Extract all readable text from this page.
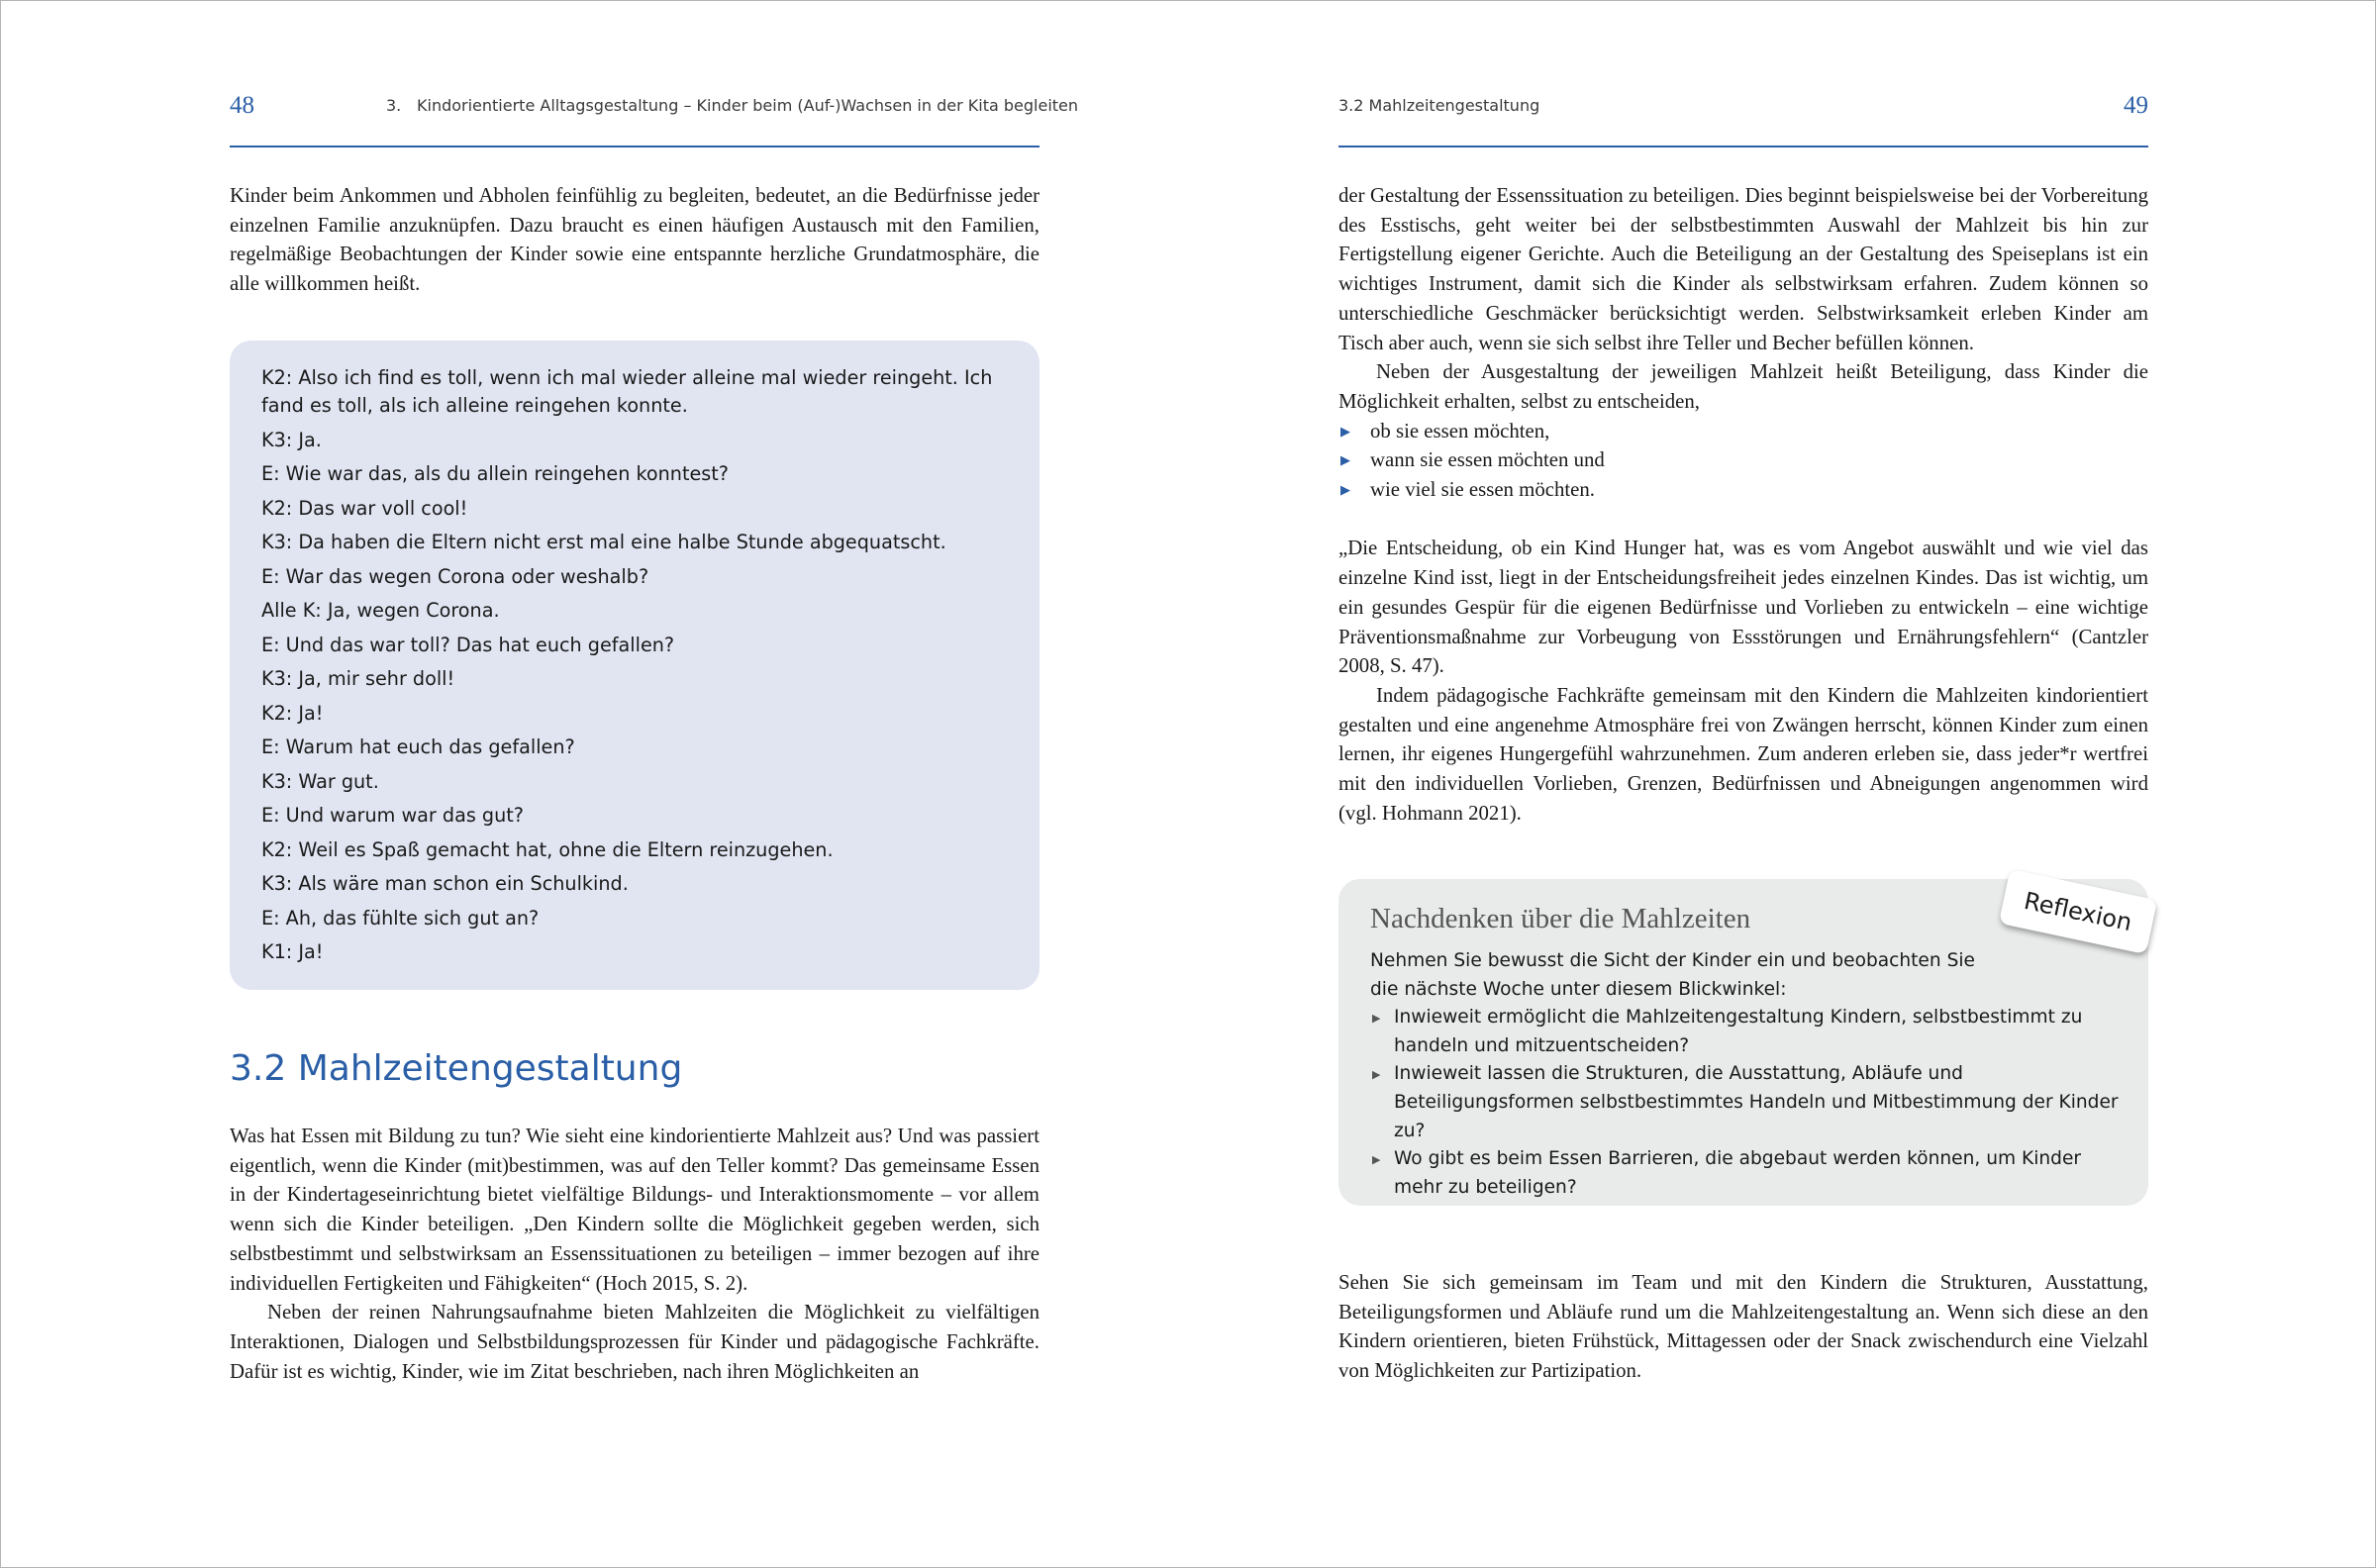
48	3. Kindorientierte Alltagsgestaltung – Kinder beim (Auf-)Wachsen in der Kita begleiten

Kinder beim Ankommen und Abholen feinfühlig zu begleiten, bedeutet, an die Bedürfnisse jeder einzelnen Familie anzuknüpfen. Dazu braucht es einen häufigen Austausch mit den Familien, regelmäßige Beobachtungen der Kinder sowie eine entspannte herzliche Grundatmosphäre, die alle willkommen heißt.

K2: Also ich find es toll, wenn ich mal wieder alleine mal wieder reingeht. Ich fand es toll, als ich alleine reingehen konnte.
K3: Ja.
E: Wie war das, als du allein reingehen konntest?
K2: Das war voll cool!
K3: Da haben die Eltern nicht erst mal eine halbe Stunde abgequatscht.
E: War das wegen Corona oder weshalb?
Alle K: Ja, wegen Corona.
E: Und das war toll? Das hat euch gefallen?
K3: Ja, mir sehr doll!
K2: Ja!
E: Warum hat euch das gefallen?
K3: War gut.
E: Und warum war das gut?
K2: Weil es Spaß gemacht hat, ohne die Eltern reinzugehen.
K3: Als wäre man schon ein Schulkind.
E: Ah, das fühlte sich gut an?
K1: Ja!
3.2 Mahlzeitengestaltung

Was hat Essen mit Bildung zu tun? Wie sieht eine kindorientierte Mahlzeit aus? Und was passiert eigentlich, wenn die Kinder (mit)bestimmen, was auf den Teller kommt? Das gemeinsame Essen in der Kindertageseinrichtung bietet vielfältige Bildungs- und Interaktionsmomente – vor allem wenn sich die Kinder beteiligen. „Den Kindern sollte die Möglichkeit gegeben werden, sich selbstbestimmt und selbstwirksam an Essenssituationen zu beteiligen – immer bezogen auf ihre individuellen Fertigkeiten und Fähigkeiten“ (Hoch 2015, S. 2).

Neben der reinen Nahrungsaufnahme bieten Mahlzeiten die Möglichkeit zu vielfältigen Interaktionen, Dialogen und Selbstbildungsprozessen für Kinder und pädagogische Fachkräfte. Dafür ist es wichtig, Kinder, wie im Zitat beschrieben, nach ihren Möglichkeiten an

3.2 Mahlzeitengestaltung	49

der Gestaltung der Essenssituation zu beteiligen. Dies beginnt beispielsweise bei der Vorbereitung des Esstischs, geht weiter bei der selbstbestimmten Auswahl der Mahlzeit bis hin zur Fertigstellung eigener Gerichte. Auch die Beteiligung an der Gestaltung des Speiseplans ist ein wichtiges Instrument, damit sich die Kinder als selbstwirksam erfahren. Zudem können so unterschiedliche Geschmäcker berücksichtigt werden. Selbstwirksamkeit erleben Kinder am Tisch aber auch, wenn sie sich selbst ihre Teller und Becher befüllen können.

Neben der Ausgestaltung der jeweiligen Mahlzeit heißt Beteiligung, dass Kinder die Möglichkeit erhalten, selbst zu entscheiden,

▶ ob sie essen möchten,
▶ wann sie essen möchten und
▶ wie viel sie essen möchten.

„Die Entscheidung, ob ein Kind Hunger hat, was es vom Angebot auswählt und wie viel das einzelne Kind isst, liegt in der Entscheidungsfreiheit jedes einzelnen Kindes. Das ist wichtig, um ein gesundes Gespür für die eigenen Bedürfnisse und Vorlieben zu entwickeln – eine wichtige Präventionsmaßnahme zur Vorbeugung von Essstörungen und Ernährungsfehlern“ (Cantzler 2008, S. 47).

Indem pädagogische Fachkräfte gemeinsam mit den Kindern die Mahlzeiten kindorientiert gestalten und eine angenehme Atmosphäre frei von Zwängen herrscht, können Kinder zum einen lernen, ihr eigenes Hungergefühl wahrzunehmen. Zum anderen erleben sie, dass jeder*r wertfrei mit den individuellen Vorlieben, Grenzen, Bedürfnissen und Abneigungen angenommen wird (vgl. Hohmann 2021).

Nachdenken über die Mahlzeiten
Nehmen Sie bewusst die Sicht der Kinder ein und beobachten Sie
die nächste Woche unter diesem Blickwinkel:
▶ Inwieweit ermöglicht die Mahlzeitengestaltung Kindern, selbstbestimmt zu handeln und mitzuentscheiden?
▶ Inwieweit lassen die Strukturen, die Ausstattung, Abläufe und Beteiligungsformen selbstbestimmtes Handeln und Mitbestimmung der Kinder zu?
▶ Wo gibt es beim Essen Barrieren, die abgebaut werden können, um Kinder mehr zu beteiligen?
Reflexion

Sehen Sie sich gemeinsam im Team und mit den Kindern die Strukturen, Ausstattung, Beteiligungsformen und Abläufe rund um die Mahlzeitengestaltung an. Wenn sich diese an den Kindern orientieren, bieten Frühstück, Mittagessen oder der Snack zwischendurch eine Vielzahl von Möglichkeiten zur Partizipation.
